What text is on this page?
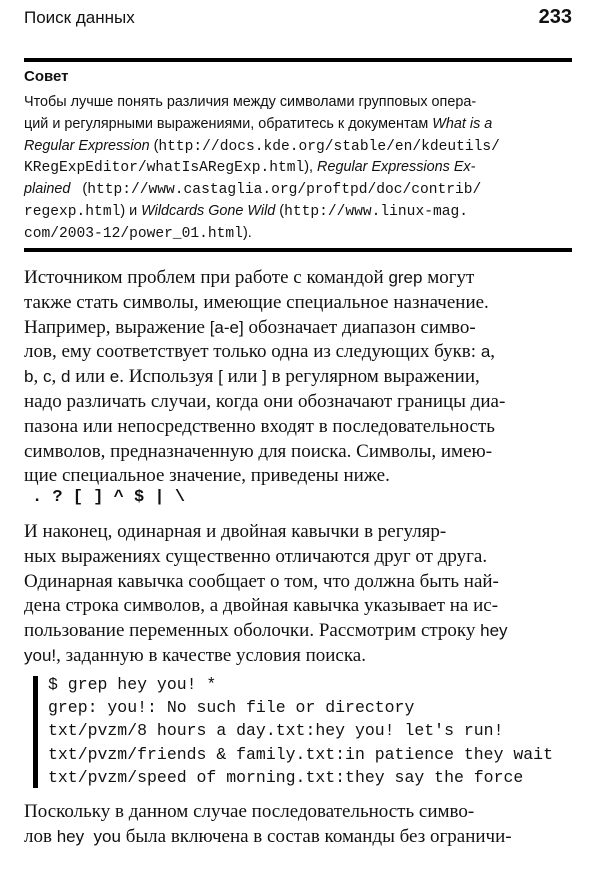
Поиск данных	233
Совет
Чтобы лучше понять различия между символами групповых опера-
ций и регулярными выражениями, обратитесь к документам What is a
Regular Expression (http://docs.kde.org/stable/en/kdeutils/
KRegExpEditor/whatIsARegExp.html), Regular Expressions Ex-
plained   (http://www.castaglia.org/proftpd/doc/contrib/
regexp.html) и Wildcards Gone Wild (http://www.linux-mag.
com/2003-12/power_01.html).
Источником проблем при работе с командой grep могут
также стать символы, имеющие специальное назначение.
Например, выражение [a-e] обозначает диапазон симво-
лов, ему соответствует только одна из следующих букв: a,
b, c, d или e. Используя [ или ] в регулярном выражении,
надо различать случаи, когда они обозначают границы диа-
пазона или непосредственно входят в последовательность
символов, предназначенную для поиска. Символы, имею-
щие специальное значение, приведены ниже.
. ? [ ] ^ $ | \
И наконец, одинарная и двойная кавычки в регуляр-
ных выражениях существенно отличаются друг от друга.
Одинарная кавычка сообщает о том, что должна быть най-
дена строка символов, а двойная кавычка указывает на ис-
пользование переменных оболочки. Рассмотрим строку hey
you!, заданную в качестве условия поиска.
$ grep hey you! *
grep: you!: No such file or directory
txt/pvzm/8 hours a day.txt:hey you! let's run!
txt/pvzm/friends & family.txt:in patience they wait
txt/pvzm/speed of morning.txt:they say the force
Поскольку в данном случае последовательность симво-
лов hey  you была включена в состав команды без ограничи-
